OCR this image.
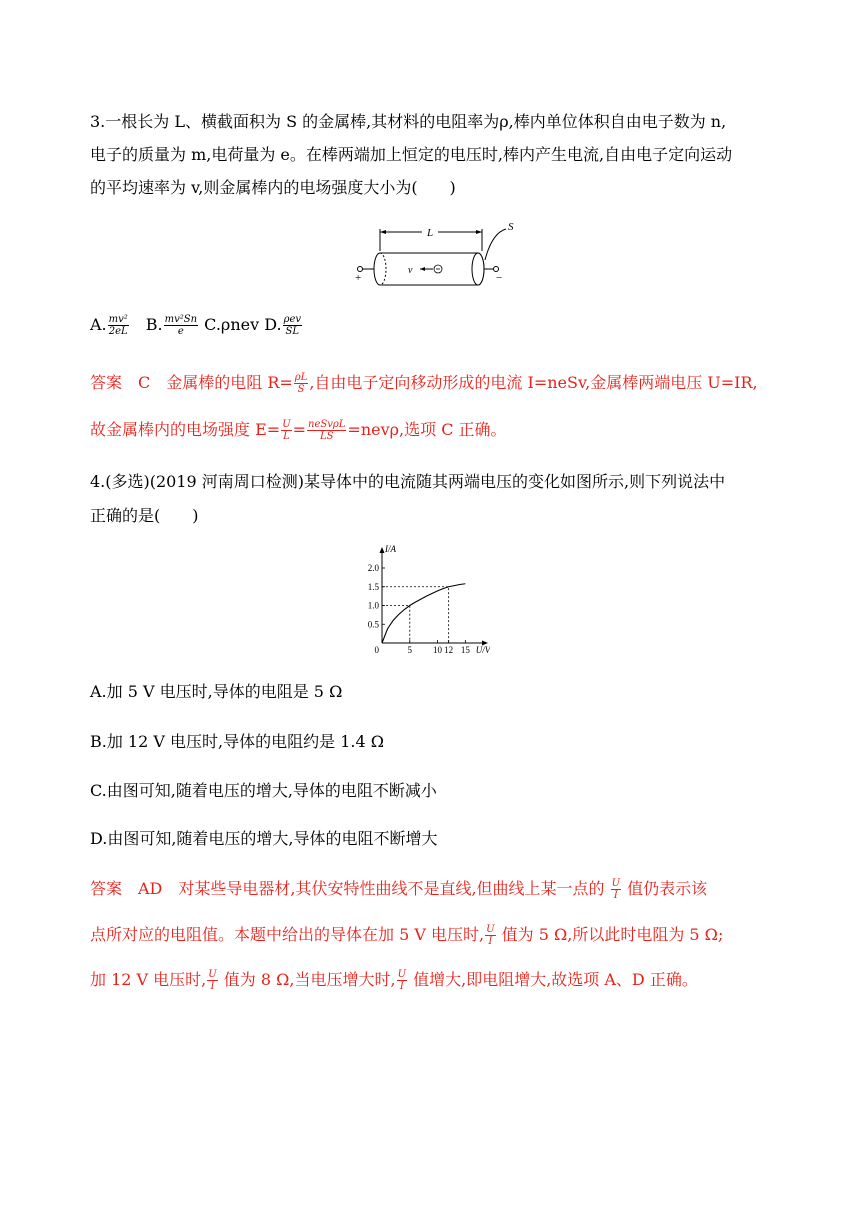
3.一根长为 L、横截面积为 S 的金属棒,其材料的电阻率为ρ,棒内单位体积自由电子数为 n,
电子的质量为 m,电荷量为 e。在棒两端加上恒定的电压时,棒内产生电流,自由电子定向运动
的平均速率为 v,则金属棒内的电场强度大小为(　　)
L	S
+	−
v
A. $\frac{\text{mv²}}{2eL} B$. $\frac{\text{mv²Sn}}{e} C.\rho nev$ D. $\frac{\text{ρev}}{SL}$
答案　C　金属棒的电阻 $R= \frac{\rho L}{S}$ ,自由电子定向移动形成的电流 I=neSv,金属棒两端电压 U=IR,
故金属棒内的电场强度 $E= \frac{U}{L} = \frac{\text{neSvρL}}{LS} =nev\rho$,选项 C 正确。
4.(多选)(2019 河南周口检测)某导体中的电流随其两端电压的变化如图所示,则下列说法中
正确的是(　　)
I/A
U/V
0	5 10 12 15
0.5
1.0
1.5
2.0
A.加 5 V 电压时,导体的电阻是 5 Ω
B.加 12 V 电压时,导体的电阻约是 1.4 Ω
C.由图可知,随着电压的增大,导体的电阻不断减小
D.由图可知,随着电压的增大,导体的电阻不断增大
答案　AD　对某些导电器材,其伏安特性曲线不是直线,但曲线上某一点的 $\frac{U}{I}$ 值仍表示该
点所对应的电阻值。本题中给出的导体在加 5 V 电压时, $\frac{U}{I}$ 值为 5 Ω,所以此时电阻为 5 Ω;
加 12 V 电压时, $\frac{U}{I}$ 值为 8 Ω,当电压增大时, $\frac{U}{I}$ 值增大,即电阻增大,故选项 A、D 正确。
